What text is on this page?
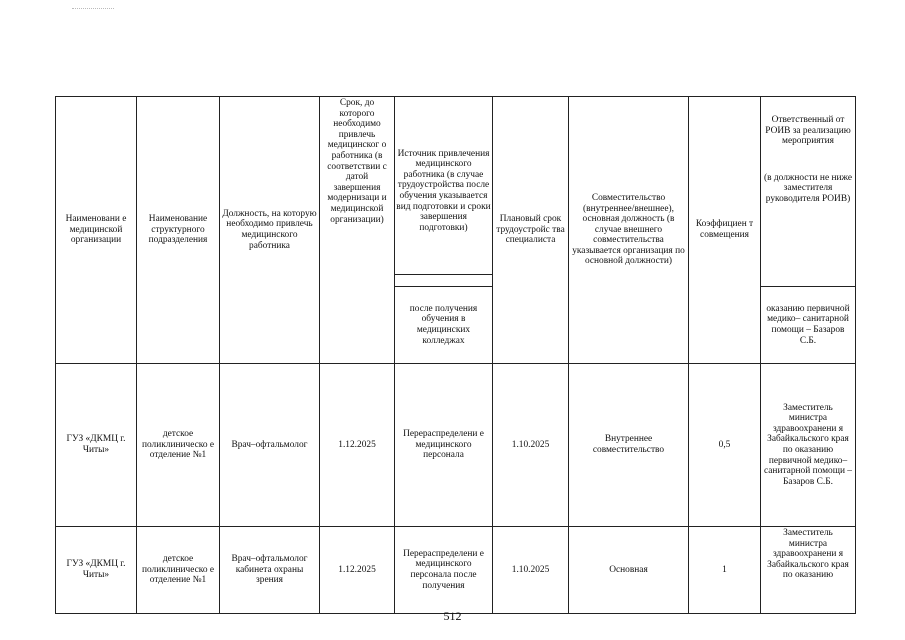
Наименовани е медицинской организации	Наименование структурного подразделения	Должность, на которую необходимо привлечь медицинского работника	Срок, до которого необходимо привлечь медицинског о работника (в соответствии с датой завершения модернизаци и медицинской организации)	Источник привлечения медицинского работника (в случае трудоустройства после обучения указывается вид подготовки и сроки завершения подготовки)	Плановый срок трудоустройс тва специалиста	Совместительство (внутреннее/внешнее), основная должность (в случае внешнего совместительства указывается организация по основной должности)	Коэффициен т совмещения	Ответственный от РОИВ за реализацию мероприятия
(в должности не ниже заместителя руководителя РОИВ)

				после получения обучения в медицинских колледжах				оказанию первичной медико– санитарной помощи – Базаров С.Б.
ГУЗ «ДКМЦ г. Читы»	детское поликлиническо е отделение №1	Врач–офтальмолог	1.12.2025	Перераспределени е медицинского персонала	1.10.2025	Внутреннее совместительство	0,5	Заместитель министра здравоохранени я Забайкальского края по оказанию первичной медико– санитарной помощи – Базаров С.Б.
ГУЗ «ДКМЦ г. Читы»	детское поликлиническо е отделение №1	Врач–офтальмолог кабинета охраны зрения	1.12.2025	Перераспределени е медицинского персонала после получения	1.10.2025	Основная	1	Заместитель министра здравоохранени я Забайкальского края по оказанию
512
